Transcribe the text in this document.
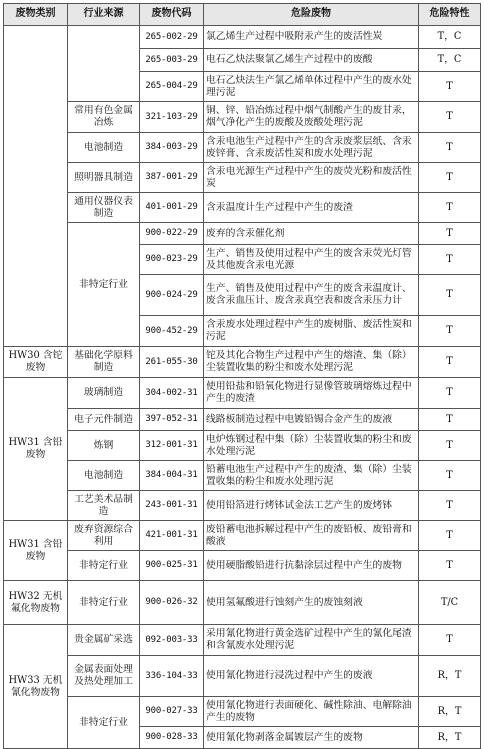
废物类别	行业来源	废物代码	危险废物	危险特性
		265-002-29	氯乙烯生产过程中吸附汞产生的废活性炭	T，C
		265-003-29	电石乙炔法聚氯乙烯生产过程中的废酸	T，C
		265-004-29	电石乙炔法生产氯乙烯单体过程中产生的废水处理污泥	T
	常用有色金属冶炼	321-103-29	铜、锌、铅冶炼过程中烟气制酸产生的废甘汞，烟气净化产生的废酸及废酸处理污泥	T
	电池制造	384-003-29	含汞电池生产过程中产生的含汞废浆层纸、含汞废锌膏、含汞废活性炭和废水处理污泥	T
	照明器具制造	387-001-29	含汞电光源生产过程中产生的废荧光粉和废活性炭	T
	通用仪器仪表制造	401-001-29	含汞温度计生产过程中产生的废渣	T
	非特定行业	900-022-29	废弃的含汞催化剂	T
		900-023-29	生产、销售及使用过程中产生的废含汞荧光灯管及其他废含汞电光源	T
		900-024-29	生产、销售及使用过程中产生的废含汞温度计、废含汞血压计、废含汞真空表和废含汞压力计	T
		900-452-29	含汞废水处理过程中产生的废树脂、废活性炭和污泥	T
HW30 含铊废物	基础化学原料制造	261-055-30	铊及其化合物生产过程中产生的熔渣、集（除）尘装置收集的粉尘和废水处理污泥	T
HW31 含铅废物	玻璃制造	304-002-31	使用铅盐和铅氧化物进行显像管玻璃熔炼过程中产生的废渣	T
	电子元件制造	397-052-31	线路板制造过程中电镀铅锡合金产生的废液	T
	炼钢	312-001-31	电炉炼钢过程中集（除）尘装置收集的粉尘和废水处理污泥	T
	电池制造	384-004-31	铅蓄电池生产过程中产生的废渣、集（除）尘装置收集的粉尘和废水处理污泥	T
	工艺美术品制造	243-001-31	使用铅箔进行烤钵试金法工艺产生的废烤钵	T
HW31 含铅废物	废弃资源综合利用	421-001-31	废铅蓄电池拆解过程中产生的废铅板、废铅膏和酸液	T
	非特定行业	900-025-31	使用硬脂酸铅进行抗黏涂层过程中产生的废物	T
HW32 无机氟化物废物	非特定行业	900-026-32	使用氢氟酸进行蚀刻产生的废蚀刻液	T/C
HW33 无机氰化物废物	贵金属矿采选	092-003-33	采用氰化物进行黄金选矿过程中产生的氰化尾渣和含氰废水处理污泥	T
	金属表面处理及热处理加工	336-104-33	使用氰化物进行浸洗过程中产生的废液	R，T
	非特定行业	900-027-33	使用氰化物进行表面硬化、碱性除油、电解除油产生的废物	R，T
		900-028-33	使用氰化物剥落金属镀层产生的废物	R，T
